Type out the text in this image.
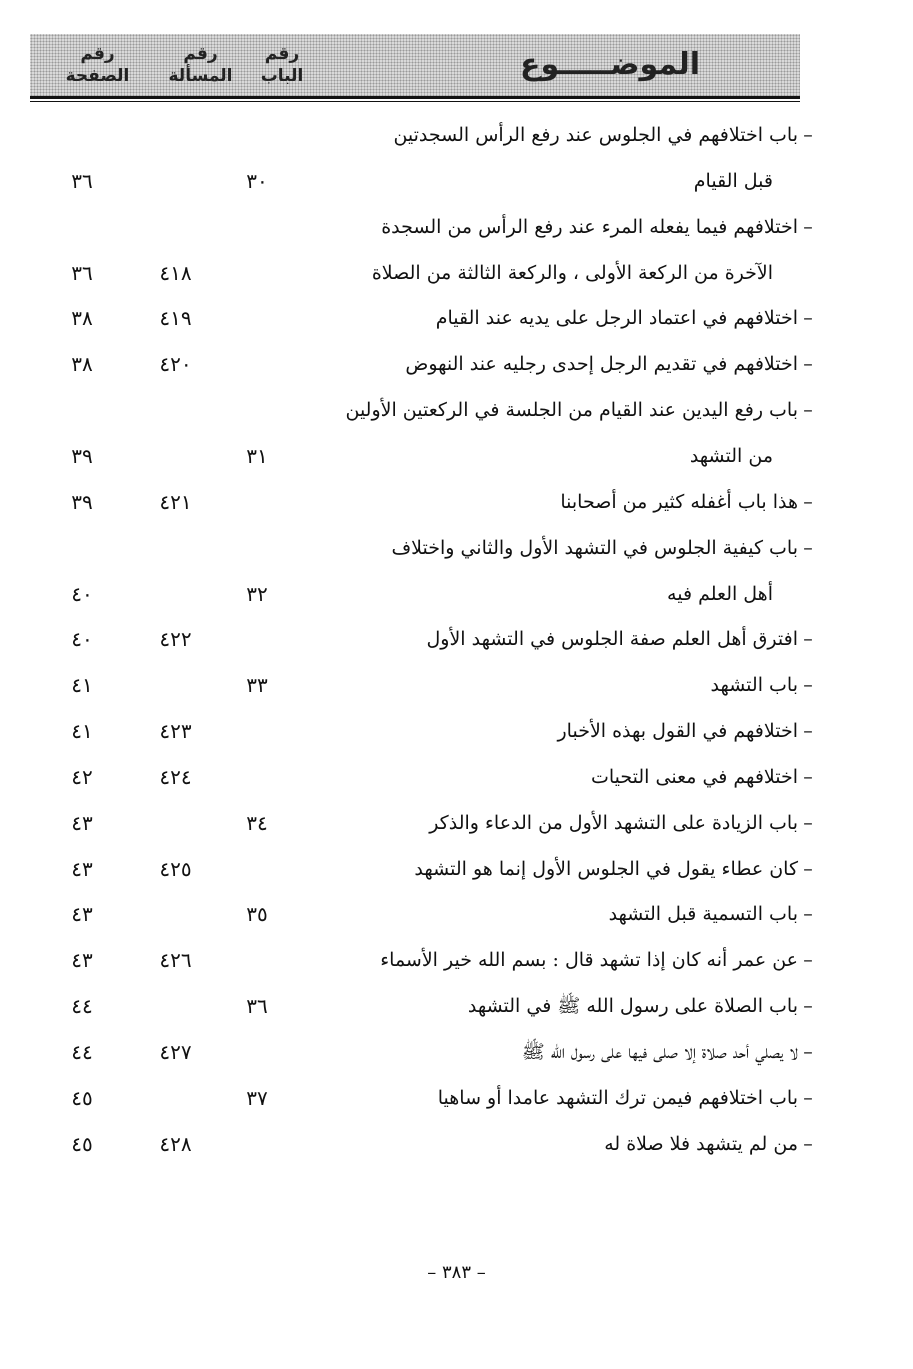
رقم
الصفحة
رقم
المسألة
رقم
الباب	الموضـــــوع
–
باب اختلافهم في الجلوس عند رفع الرأس السجدتين
قبل القيام
٣٠
٣٦
–
اختلافهم فيما يفعله المرء عند رفع الرأس من السجدة
الآخرة من الركعة الأولى ، والركعة الثالثة من الصلاة
٤١٨
٣٦
–
اختلافهم في اعتماد الرجل على يديه عند القيام
٤١٩
٣٨
–
اختلافهم في تقديم الرجل إحدى رجليه عند النهوض
٤٢٠
٣٨
–
باب رفع اليدين عند القيام من الجلسة في الركعتين الأولين
من التشهد
٣١
٣٩
–
هذا باب أغفله كثير من أصحابنا
٤٢١
٣٩
–
باب كيفية الجلوس في التشهد الأول والثاني واختلاف
أهل العلم فيه
٣٢
٤٠
–
افترق أهل العلم صفة الجلوس في التشهد الأول
٤٢٢
٤٠
–
باب التشهد
٣٣
٤١
–
اختلافهم في القول بهذه الأخبار
٤٢٣
٤١
–
اختلافهم في معنى التحيات
٤٢٤
٤٢
–
باب الزيادة على التشهد الأول من الدعاء والذكر
٣٤
٤٣
–
كان عطاء يقول في الجلوس الأول إنما هو التشهد
٤٢٥
٤٣
–
باب التسمية قبل التشهد
٣٥
٤٣
–
عن عمر أنه كان إذا تشهد قال : بسم الله خير الأسماء
٤٢٦
٤٣
–
باب الصلاة على رسول الله ﷺ في التشهد
٣٦
٤٤
–
لا يصلي أحد صلاة إلا صلى فيها على رسول الله ﷺ
٤٢٧
٤٤
–
باب اختلافهم فيمن ترك التشهد عامدا أو ساهيا
٣٧
٤٥
–
من لم يتشهد فلا صلاة له
٤٢٨
٤٥
– ٣٨٣ –
